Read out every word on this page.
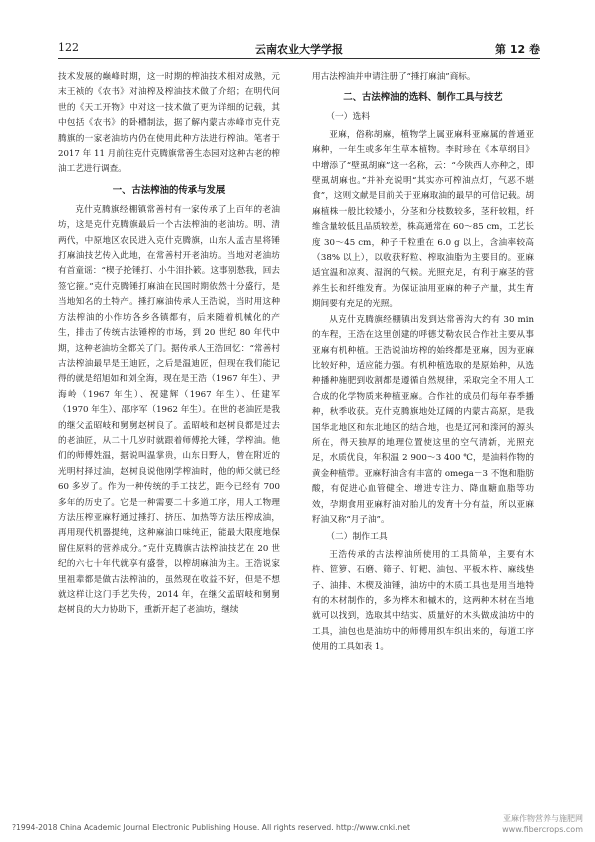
122	云南农业大学学报	第 12 卷

技术发展的巅峰时期，这一时期的榨油技术相对成熟，元末王祯的《农书》对油榨及榨油技术做了介绍；在明代问世的《天工开物》中对这一技术做了更为详细的记载，其中包括《农书》的卧槽制法，据了解内蒙古赤峰市克什克腾旗的一家老油坊内仍在使用此种方法进行榨油。笔者于 2017 年 11 月前往克什克腾旗常善生态园对这种古老的榨油工艺进行调查。

一、古法榨油的传承与发展

克什克腾旗经棚镇常善村有一家传承了上百年的老油坊，这是克什克腾旗最后一个古法榨油的老油坊。明、清两代，中原地区农民进入克什克腾旗，山东人孟吉星将锤打麻油技艺传入此地，在常善村开老油坊。当地对老油坊有首童谣：“楔子抡锤打、小牛泪扑簌。这事别愁我，回去签它箍。”克什克腾锤打麻油在民国时期依然十分盛行，是当地知名的土特产。捶打麻油传承人王浩说，当时用这种方法榨油的小作坊各乡各镇都有，后来随着机械化的产生，排击了传统古法锤榨的市场，到 20 世纪 80 年代中期，这种老油坊全都关了门。据传承人王浩回忆：“常善村古法榨油最早是王迪匠，之后是温迪匠，但现在我们能记得的就是绍旭如和刘全海，现在是王浩（1967 年生）、尹海岭（1967 年生）、祝建辉（1967 年生）、任建军（1970 年生）、邵序军（1962 年生）。在世的老油匠是我的继父孟昭岐和舅舅赵树良了。孟昭岐和赵树良都是过去的老油匠，从二十几岁时就跟着师傅抡大锤，学榨油。他们的师傅姓温，据说叫温掌贵，山东日野人，曾在附近的光明村择过油，赵树良说他刚学榨油时，他的师父就已经 60 多岁了。作为一种传统的手工技艺，距今已经有 700 多年的历史了。它是一种需要二十多道工序，用人工物理方法压榨亚麻籽通过捶打、挤压、加热等方法压榨成油，再用现代机器提纯，这种麻油口味纯正，能最大限度地保留住原料的营养成分。”克什克腾旗古法榨油技艺在 20 世纪的六七十年代就享有盛誉，以榨胡麻油为主。王浩说家里祖辈都是做古法榨油的，虽然现在收益不好，但是不想就这样让这门手艺失传，2014 年，在继父孟昭岐和舅舅赵树良的大力协助下，重新开起了老油坊，继续

用古法榨油并申请注册了“捶打麻油”商标。

二、古法榨油的选料、制作工具与技艺
（一）选料

亚麻，俗称胡麻，植物学上属亚麻科亚麻属的普通亚麻种，一年生或多年生草本植物。李时珍在《本草纲目》中增添了“壁虱胡麻”这一名称，云：“今陕西人亦种之，即壁虱胡麻也。”并补充说明“其实亦可榨油点灯，气恶不堪食”，这则文献是目前关于亚麻取油的最早的可信记载。胡麻植株一般比较矮小，分茎和分枝数较多，茎秆较粗，纤维含量较低且品质较差，株高通常在 60～85 cm，工艺长度 30～45 cm，种子千粒重在 6.0 g 以上，含油率较高（38% 以上），以收获籽粒、榨取油脂为主要目的。亚麻适宜温和凉爽、湿润的气候。光照充足，有利于麻茎的营养生长和纤维发育。为保证油用亚麻的种子产量，其生育期间要有充足的光照。

从克什克腾旗经棚镇出发到达常善沟大约有 30 min 的车程，王浩在这里创建的呼德艾勒农民合作社主要从事亚麻有机种植。王浩说油坊榨的始终都是亚麻，因为亚麻比较好种，适应能力强。有机种植选取的是原始种，从选种播种施肥到收割都是遵循自然规律，采取完全不用人工合成的化学物质来种植亚麻。合作社的成员们每年春季播种，秋季收获。克什克腾旗地处辽阔的内蒙古高原，是我国华北地区和东北地区的结合地，也是辽河和滦河的源头所在，得天独厚的地理位置使这里的空气清新，光照充足，水质优良，年积温 2 900～3 400 ℃，是油料作物的黄金种植带。亚麻籽油含有丰富的 omega－3 不饱和脂肪酸，有促进心血管健全、增进专注力、降血糖血脂等功效，孕期食用亚麻籽油对胎儿的发育十分有益，所以亚麻籽油又称“月子油”。

（二）制作工具

王浩传承的古法榨油所使用的工具简单，主要有木杵、笸箩、石磨、筛子、钉耙、油包、平板木杵、麻线垫子、油排、木楔及油锤，油坊中的木质工具也是用当地特有的木材制作的，多为桦木和槭木的，这两种木材在当地就可以找到，选取其中结实、质量好的木头做成油坊中的工具，油包也是油坊中的师傅用织车织出来的，每道工序使用的工具如表 1。

?1994-2018 China Academic Journal Electronic Publishing House. All rights reserved. http://www.cnki.net
亚麻作物营养与施肥网
www.fibercrops.com
